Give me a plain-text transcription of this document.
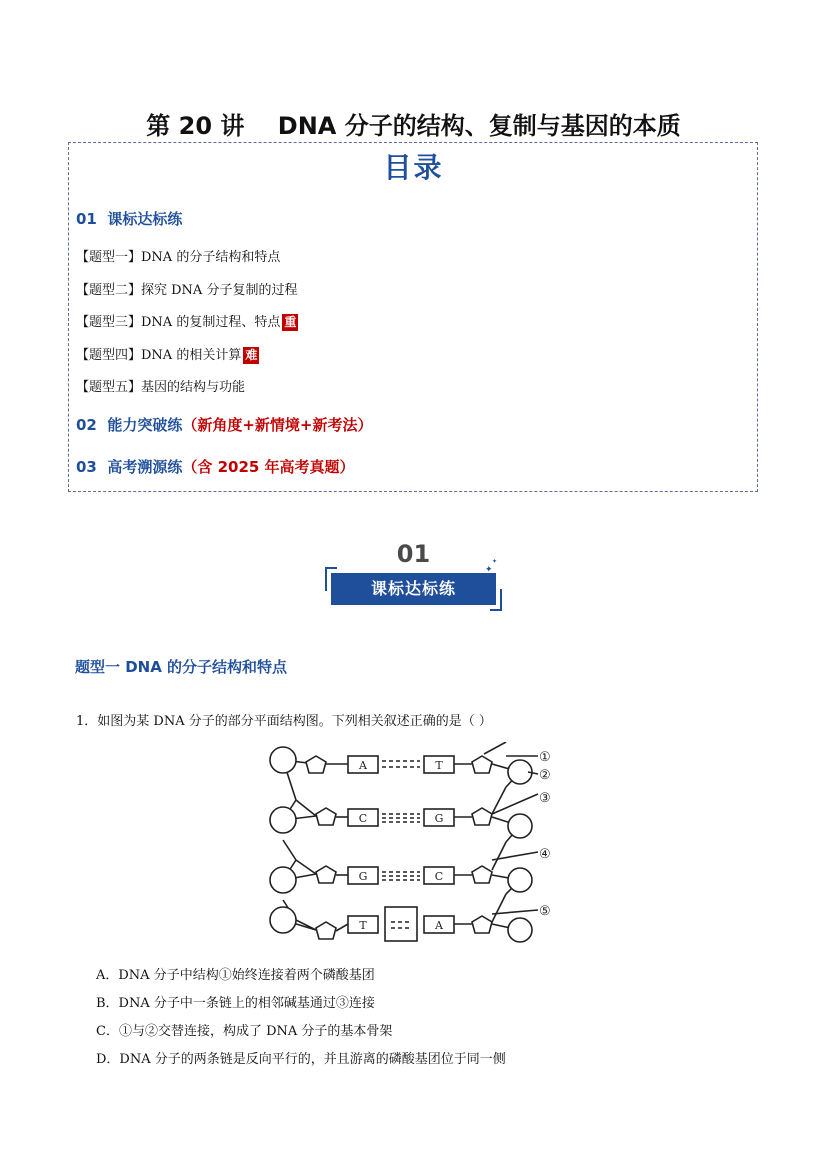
第 20 讲    DNA 分子的结构、复制与基因的本质
目录
01 课标达标练
【题型一】DNA 的分子结构和特点
【题型二】探究 DNA 分子复制的过程
【题型三】DNA 的复制过程、特点 重
【题型四】DNA 的相关计算 难
【题型五】基因的结构与功能
02 能力突破练（新角度+新情境+新考法）
03 高考溯源练（含 2025 年高考真题）
01
课标达标练
✦
✦
题型一 DNA 的分子结构和特点
1．如图为某 DNA 分子的部分平面结构图。下列相关叙述正确的是（ ）
A
C
G
T
T
G
C
A
①
②
③
④
⑤
A．DNA 分子中结构①始终连接着两个磷酸基团
B．DNA 分子中一条链上的相邻碱基通过③连接
C．①与②交替连接，构成了 DNA 分子的基本骨架
D．DNA 分子的两条链是反向平行的，并且游离的磷酸基团位于同一侧
